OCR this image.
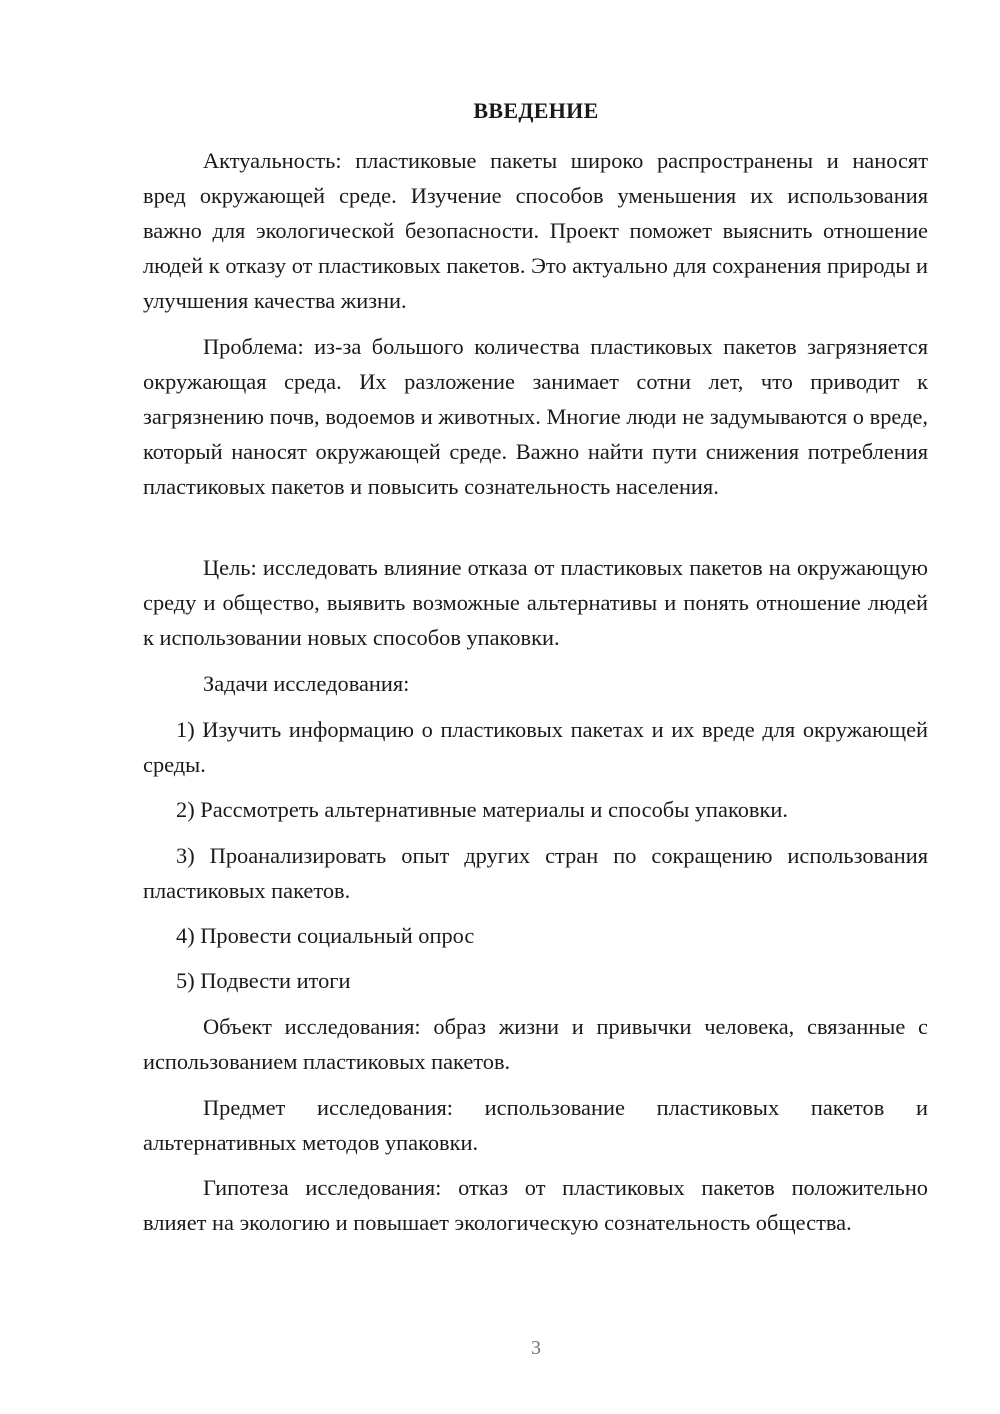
ВВЕДЕНИЕ

Актуальность: пластиковые пакеты широко распространены и наносят вред окружающей среде. Изучение способов уменьшения их использования важно для экологической безопасности. Проект поможет выяснить отношение людей к отказу от пластиковых пакетов. Это актуально для сохранения природы и улучшения качества жизни.

Проблема: из-за большого количества пластиковых пакетов загрязняется окружающая среда. Их разложение занимает сотни лет, что приводит к загрязнению почв, водоемов и животных. Многие люди не задумываются о вреде, который наносят окружающей среде. Важно найти пути снижения потребления пластиковых пакетов и повысить сознательность населения.

Цель: исследовать влияние отказа от пластиковых пакетов на окружающую среду и общество, выявить возможные альтернативы и понять отношение людей к использовании новых способов упаковки.

Задачи исследования:

1) Изучить информацию о пластиковых пакетах и их вреде для окружающей среды.

2) Рассмотреть альтернативные материалы и способы упаковки.

3) Проанализировать опыт других стран по сокращению использования пластиковых пакетов.

4) Провести социальный опрос

5) Подвести итоги

Объект исследования: образ жизни и привычки человека, связанные с использованием пластиковых пакетов.

Предмет исследования: использование пластиковых пакетов и альтернативных методов упаковки.

Гипотеза исследования: отказ от пластиковых пакетов положительно влияет на экологию и повышает экологическую сознательность общества.

3
